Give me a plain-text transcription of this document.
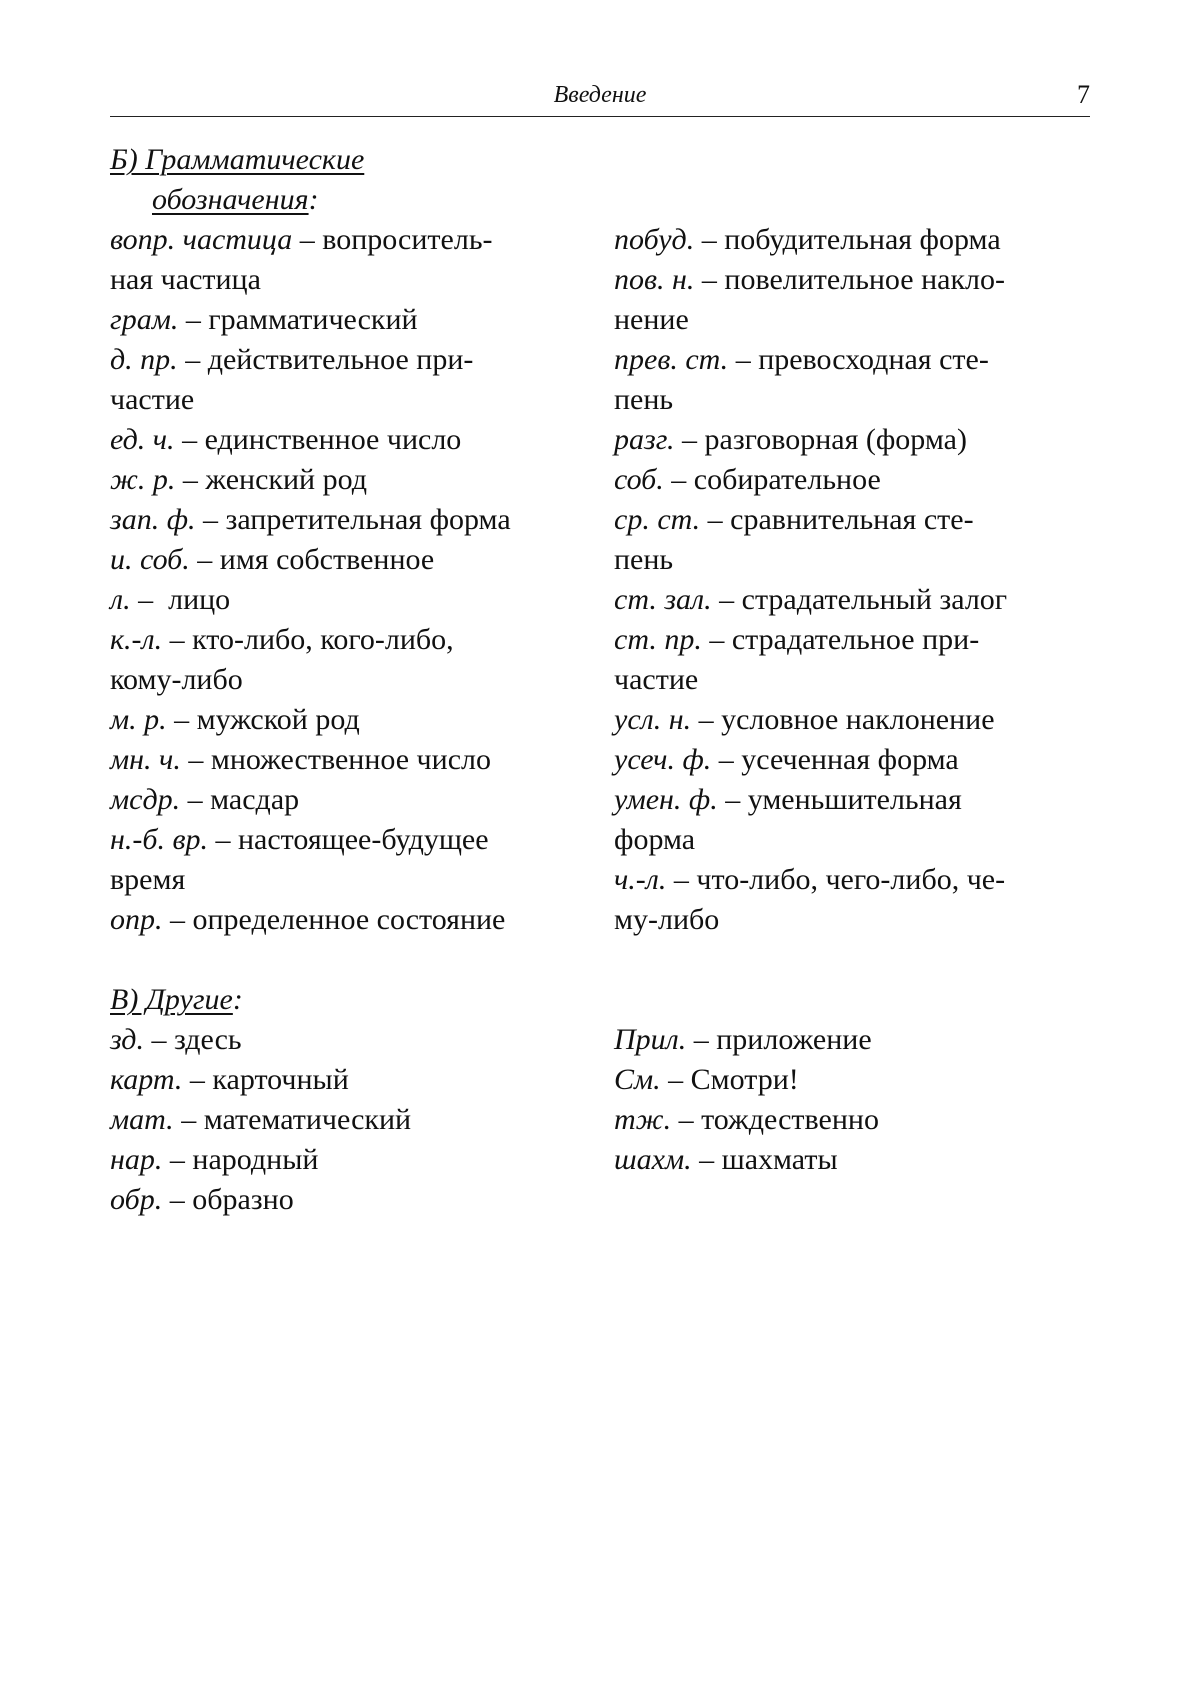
Введение	7
Б) Грамматические
обозначения:
вопр. частица – вопроситель-
ная частица
грам. – грамматический
д. пр. – действительное при-
частие
ед. ч. – единственное число
ж. р. – женский род
зап. ф. – запретительная форма
и. соб. – имя собственное
л. –  лицо
к.-л. – кто-либо, кого-либо,
кому-либо
м. р. – мужской род
мн. ч. – множественное число
мсдр. – масдар
н.-б. вр. – настоящее-будущее
время
опр. – определенное состояние
побуд. – побудительная форма
пов. н. – повелительное накло-
нение
прев. ст. – превосходная сте-
пень
разг. – разговорная (форма)
соб. – собирательное
ср. ст. – сравнительная сте-
пень
ст. зал. – страдательный залог
ст. пр. – страдательное при-
частие
усл. н. – условное наклонение
усеч. ф. – усеченная форма
умен. ф. – уменьшительная
форма
ч.-л. – что-либо, чего-либо, че-
му-либо
В) Другие:
зд. – здесь
карт. – карточный
мат. – математический
нар. – народный
обр. – образно
Прил. – приложение
См. – Смотри!
тж. – тождественно
шахм. – шахматы
